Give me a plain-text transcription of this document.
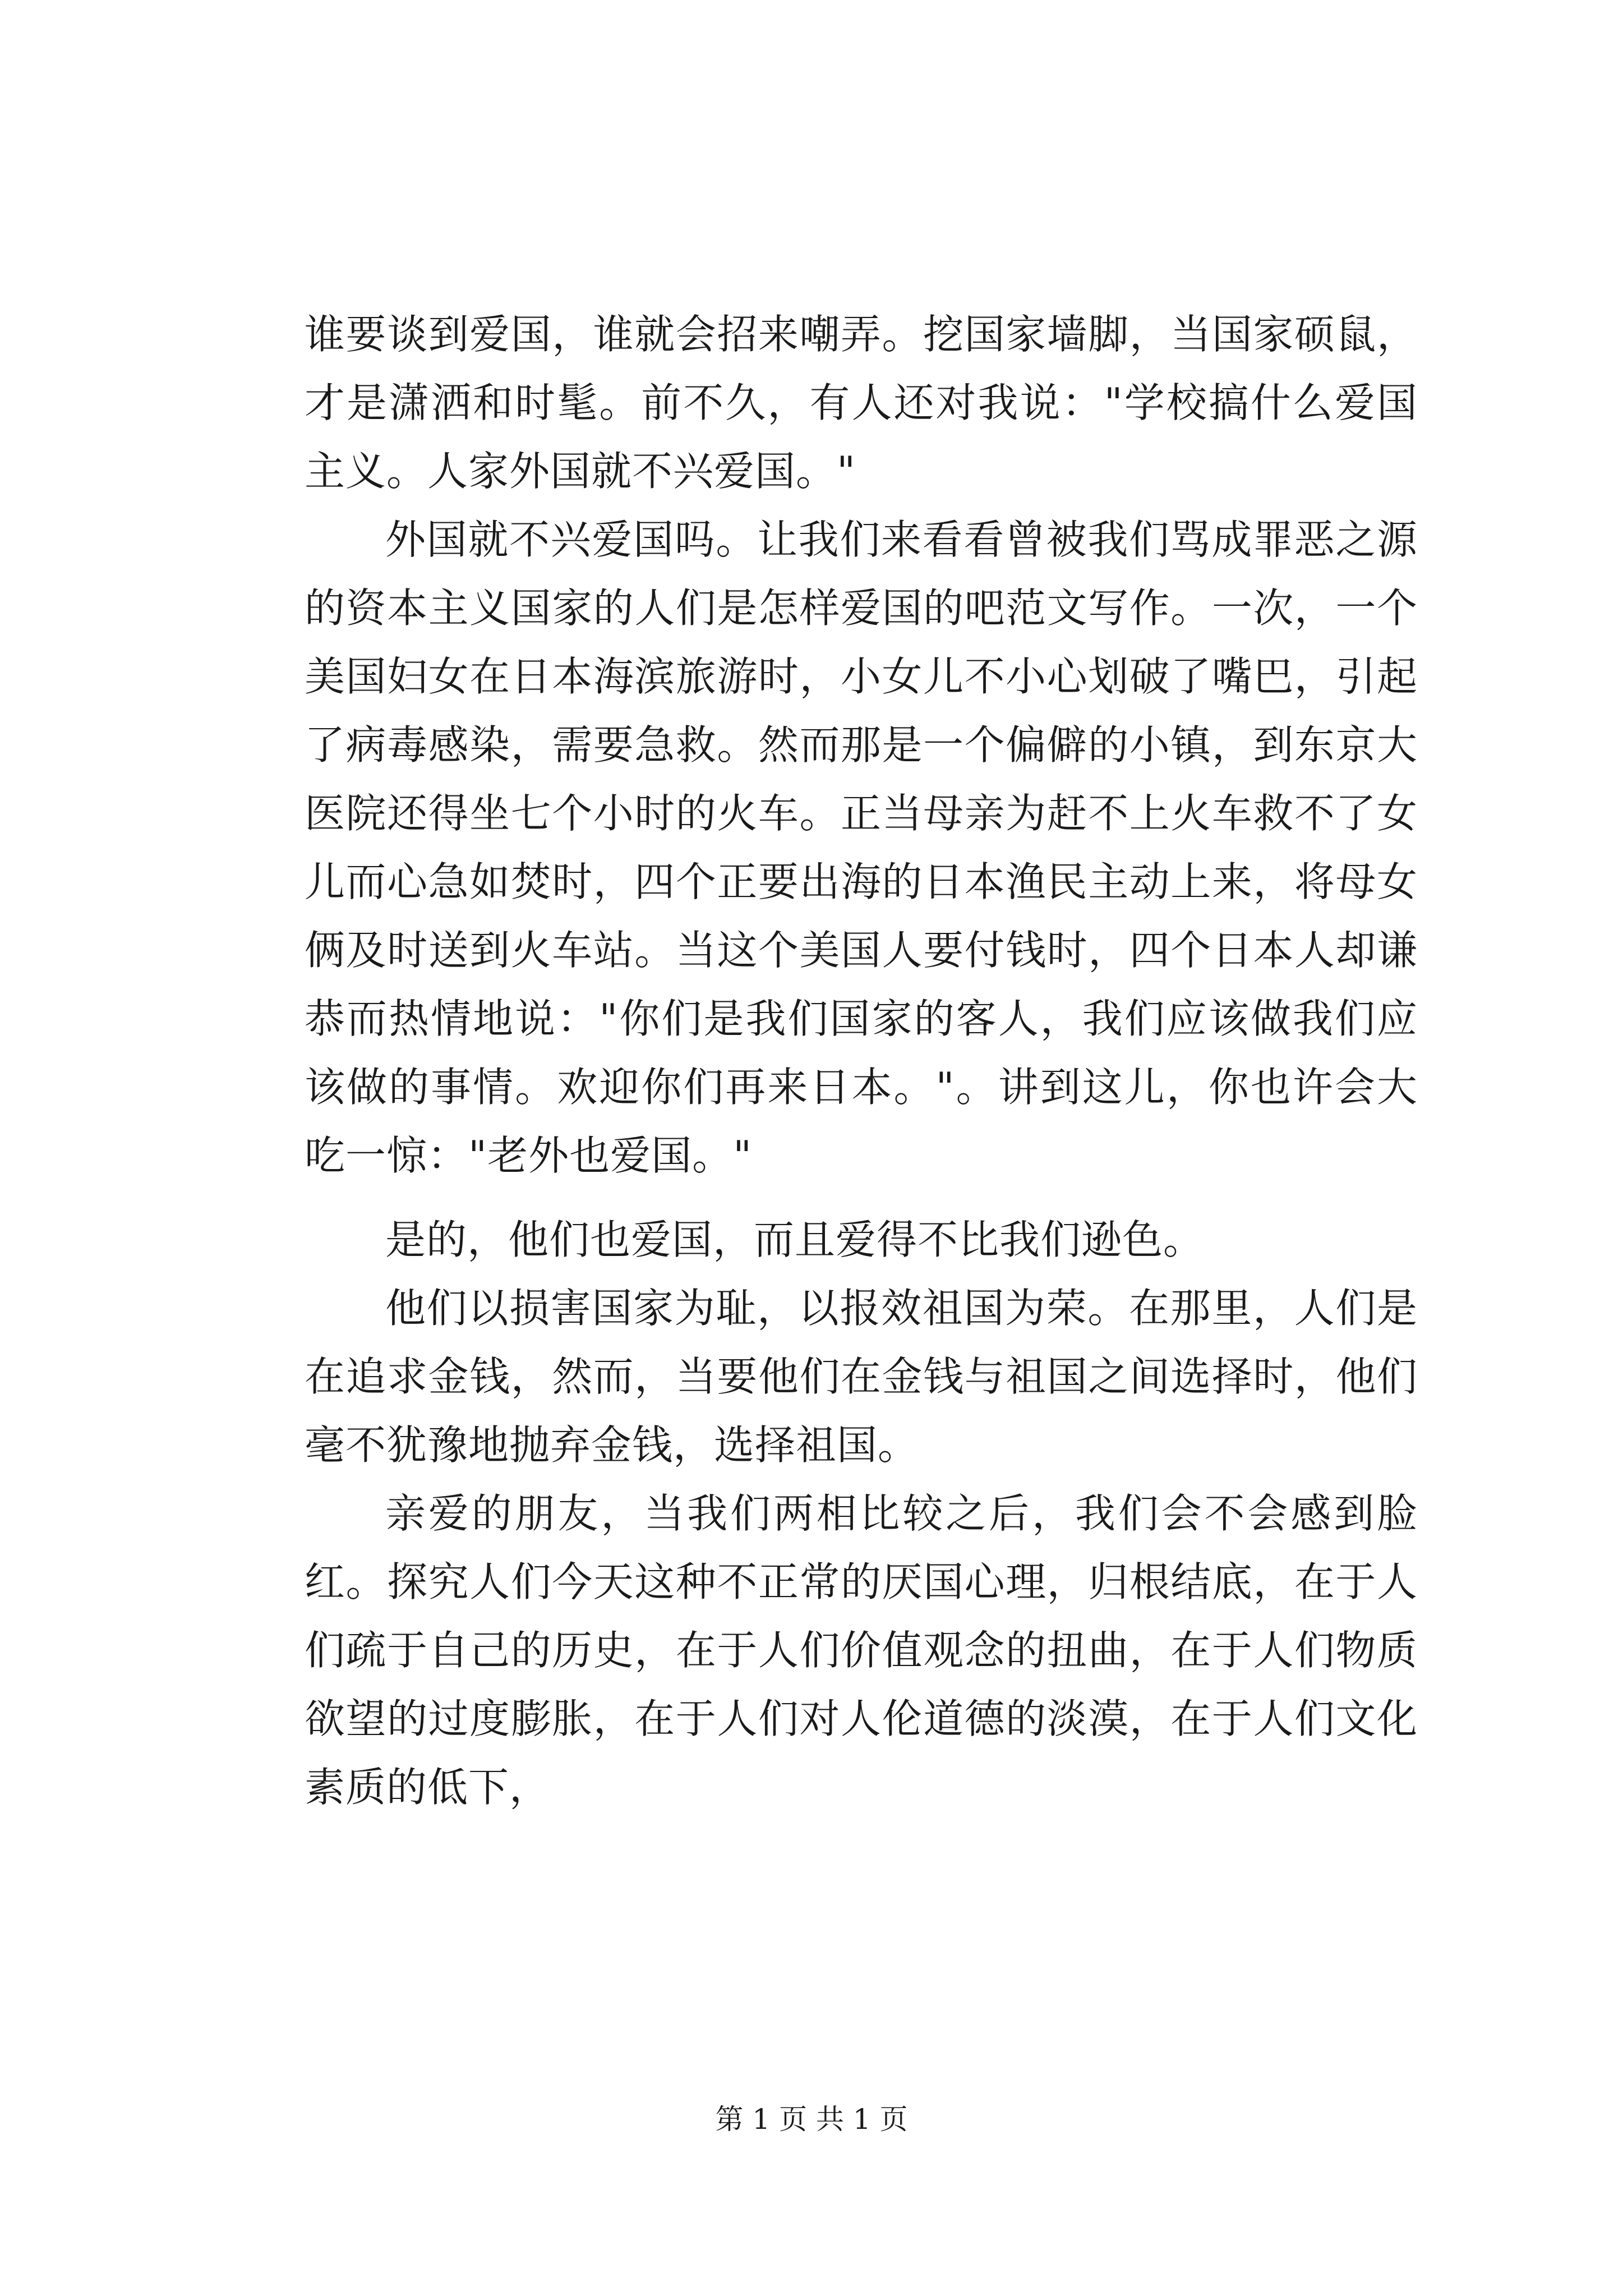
谁要谈到爱国，谁就会招来嘲弄。挖国家墙脚，当国家硕鼠，才是潇洒和时髦。前不久，有人还对我说："学校搞什么爱国主义。人家外国就不兴爱国。"

外国就不兴爱国吗。让我们来看看曾被我们骂成罪恶之源的资本主义国家的人们是怎样爱国的吧范文写作。一次，一个美国妇女在日本海滨旅游时，小女儿不小心划破了嘴巴，引起了病毒感染，需要急救。然而那是一个偏僻的小镇，到东京大医院还得坐七个小时的火车。正当母亲为赶不上火车救不了女儿而心急如焚时，四个正要出海的日本渔民主动上来，将母女俩及时送到火车站。当这个美国人要付钱时，四个日本人却谦恭而热情地说："你们是我们国家的客人，我们应该做我们应该做的事情。欢迎你们再来日本。"。讲到这儿，你也许会大吃一惊："老外也爱国。"

是的，他们也爱国，而且爱得不比我们逊色。

他们以损害国家为耻，以报效祖国为荣。在那里，人们是在追求金钱，然而，当要他们在金钱与祖国之间选择时，他们毫不犹豫地抛弃金钱，选择祖国。

亲爱的朋友，当我们两相比较之后，我们会不会感到脸红。探究人们今天这种不正常的厌国心理，归根结底，在于人们疏于自己的历史，在于人们价值观念的扭曲，在于人们物质欲望的过度膨胀，在于人们对人伦道德的淡漠，在于人们文化素质的低下，

第 1 页 共 1 页
